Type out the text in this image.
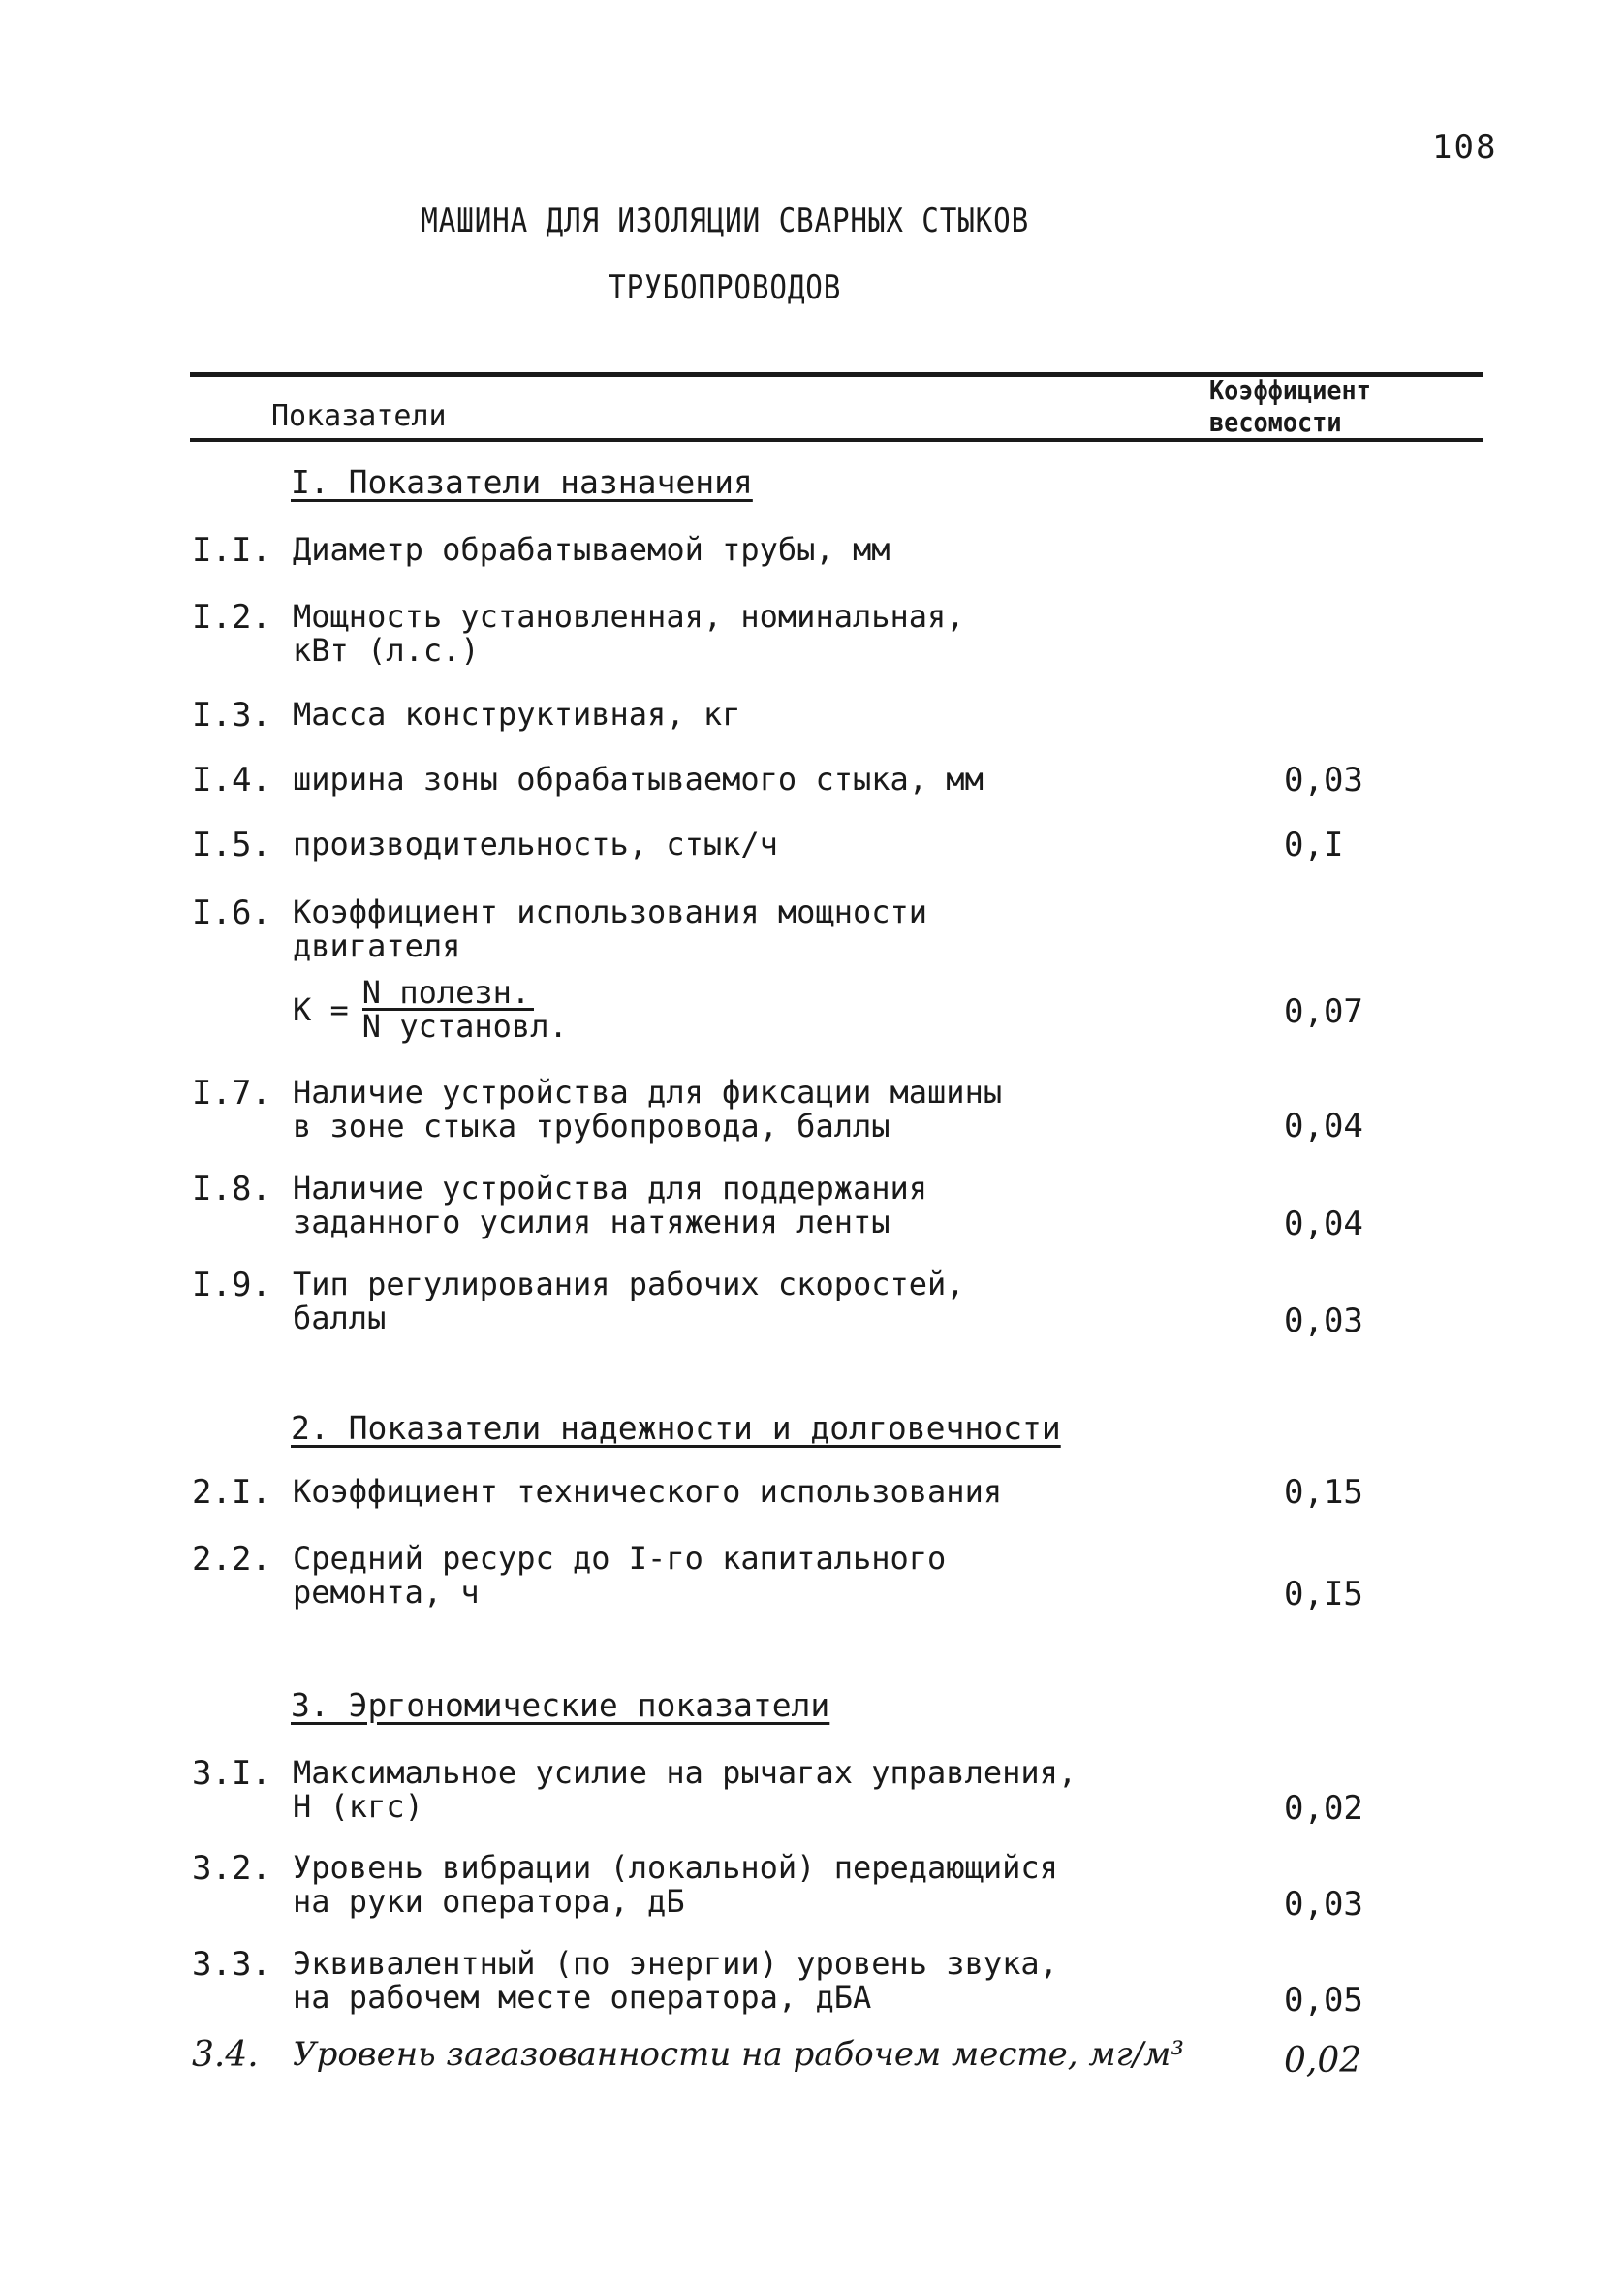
108
МАШИНА ДЛЯ ИЗОЛЯЦИИ СВАРНЫХ СТЫКОВ
ТРУБОПРОВОДОВ
Показатели
Коэффициент
весомости
I. Показатели назначения
I.I. Диаметр обрабатываемой трубы, мм
I.2. Мощность установленная, номинальная,
кВт (л.с.)
I.3. Масса конструктивная, кг
I.4. ширина зоны обрабатываемого стыка, мм	0,03
I.5. производительность, стык/ч	0,I
I.6. Коэффициент использования мощности
двигателя
$К = \frac{\text{N полезн.}}{\text{N установл.}}$	0,07
I.7. Наличие устройства для фиксации машины
в зоне стыка трубопровода, баллы	0,04
I.8. Наличие устройства для поддержания
заданного усилия натяжения ленты	0,04
I.9. Тип регулирования рабочих скоростей,
баллы	0,03
2. Показатели надежности и долговечности
2.I. Коэффициент технического использования	0,15
2.2. Средний ресурс до I-го капитального
ремонта, ч	0,I5
3. Эргономические показатели
3.I. Максимальное усилие на рычагах управления,
Н (кгс)	0,02
3.2. Уровень вибрации (локальной) передающийся
на руки оператора, дБ	0,03
3.3. Эквивалентный (по энергии) уровень звука,
на рабочем месте оператора, дБА	0,05
3.4. Уровень загазованности на рабочем месте, мг/м³	0,02
